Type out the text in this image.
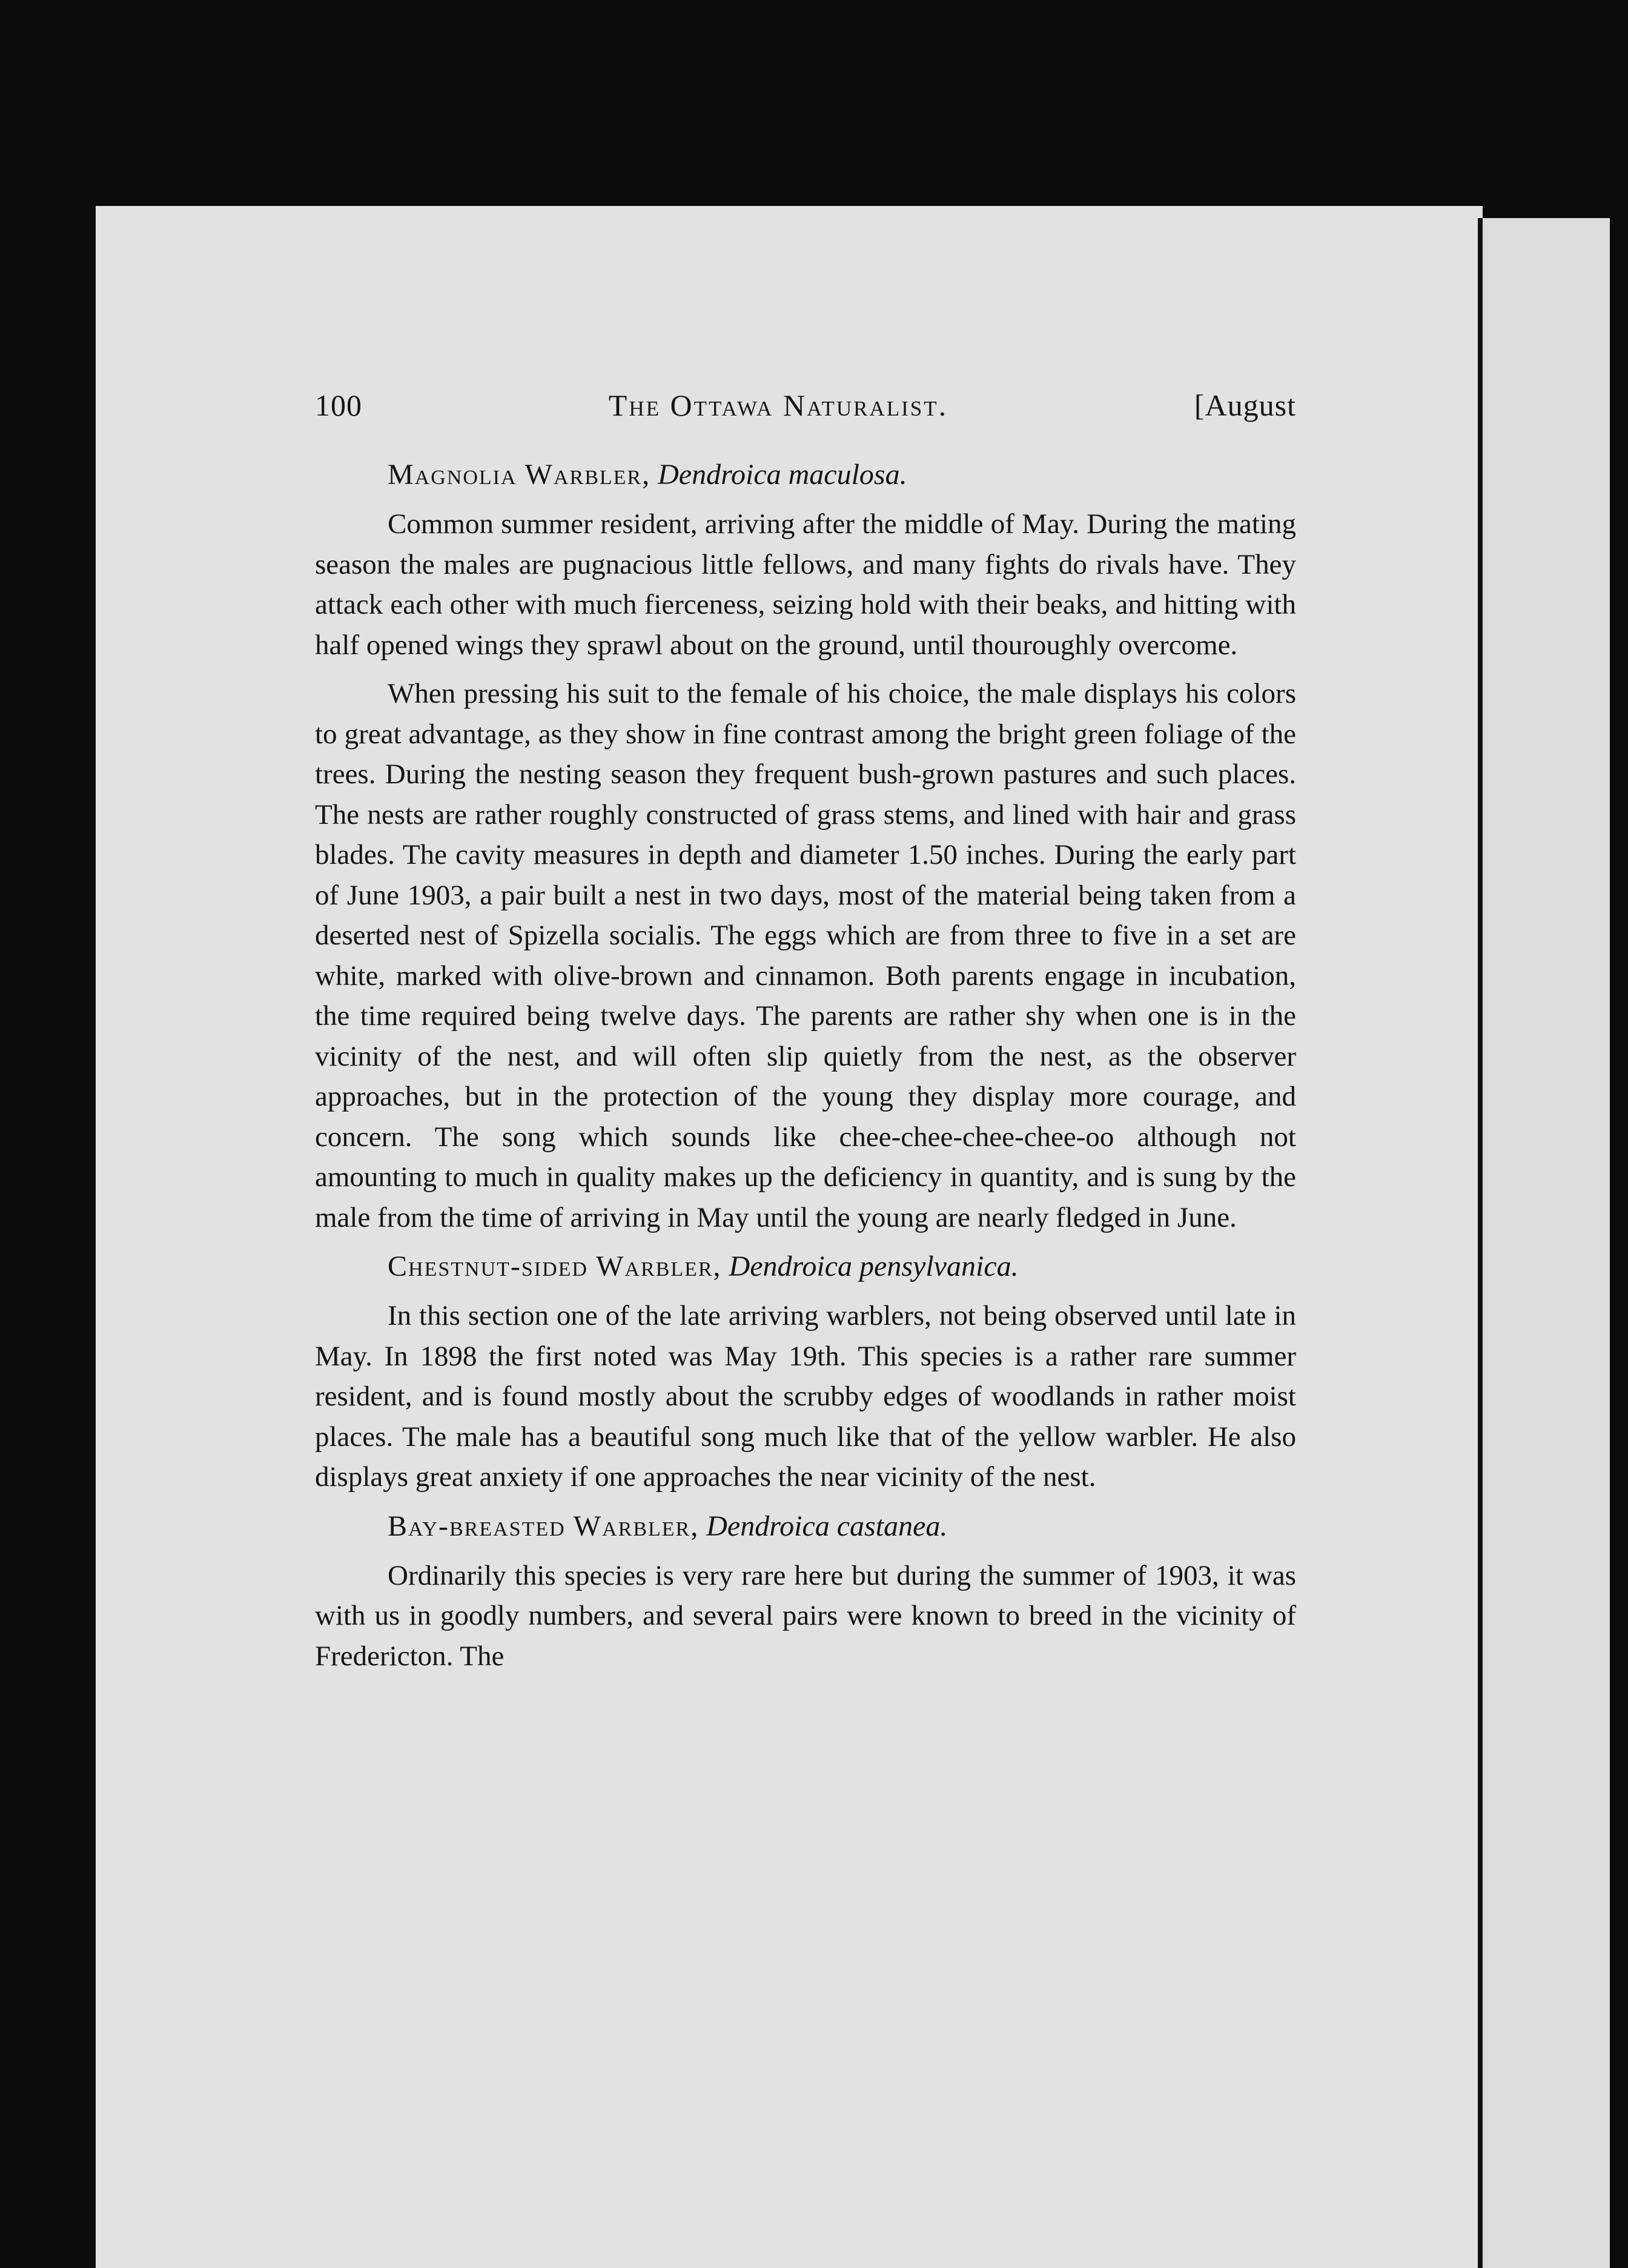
100	The Ottawa Naturalist.	[August
Magnolia Warbler, Dendroica maculosa.

Common summer resident, arriving after the middle of May. During the mating season the males are pugnacious little fellows, and many fights do rivals have. They attack each other with much fierceness, seizing hold with their beaks, and hitting with half opened wings they sprawl about on the ground, until thouroughly overcome.

When pressing his suit to the female of his choice, the male displays his colors to great advantage, as they show in fine contrast among the bright green foliage of the trees. During the nesting season they frequent bush-grown pastures and such places. The nests are rather roughly constructed of grass stems, and lined with hair and grass blades. The cavity measures in depth and diameter 1.50 inches. During the early part of June 1903, a pair built a nest in two days, most of the material being taken from a deserted nest of Spizella socialis. The eggs which are from three to five in a set are white, marked with olive-brown and cinnamon. Both parents engage in incubation, the time required being twelve days. The parents are rather shy when one is in the vicinity of the nest, and will often slip quietly from the nest, as the observer approaches, but in the protection of the young they display more courage, and concern. The song which sounds like chee-chee-chee-chee-oo although not amounting to much in quality makes up the deficiency in quantity, and is sung by the male from the time of arriving in May until the young are nearly fledged in June.

Chestnut-sided Warbler, Dendroica pensylvanica.

In this section one of the late arriving warblers, not being observed until late in May. In 1898 the first noted was May 19th. This species is a rather rare summer resident, and is found mostly about the scrubby edges of woodlands in rather moist places. The male has a beautiful song much like that of the yellow warbler. He also displays great anxiety if one approaches the near vicinity of the nest.

Bay-breasted Warbler, Dendroica castanea.

Ordinarily this species is very rare here but during the summer of 1903, it was with us in goodly numbers, and several pairs were known to breed in the vicinity of Fredericton. The
